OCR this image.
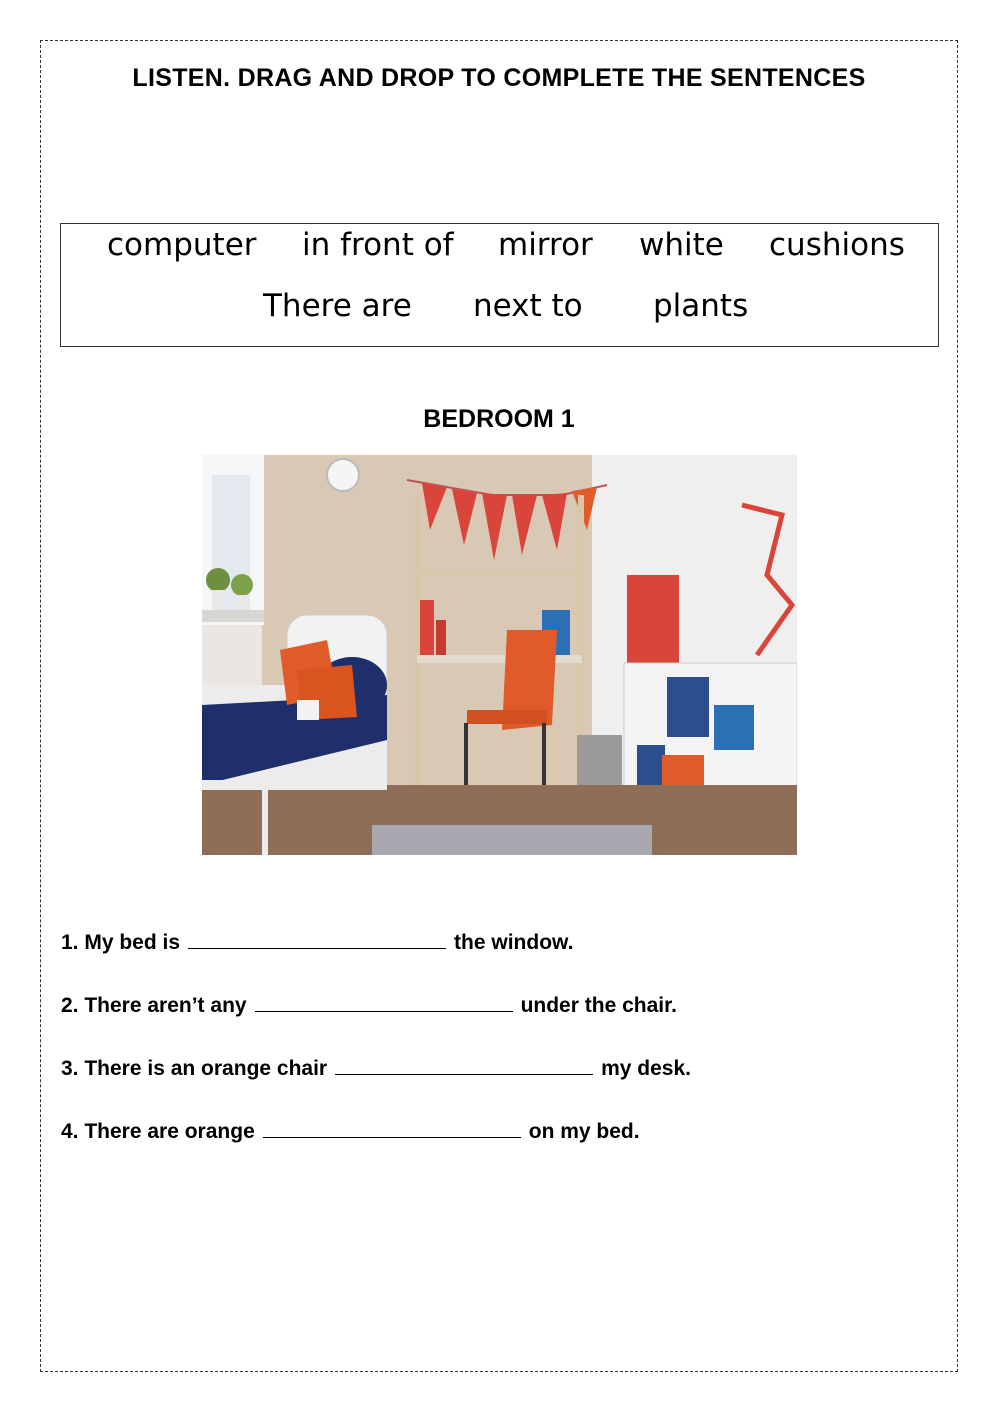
LISTEN. DRAG AND DROP TO COMPLETE THE SENTENCES
computer in front of mirror white cushions
There are next to plants
BEDROOM 1
1. My bed is	the window.
2. There aren’t any	under the chair.
3. There is an orange chair	my desk.
4. There are orange	on my bed.
